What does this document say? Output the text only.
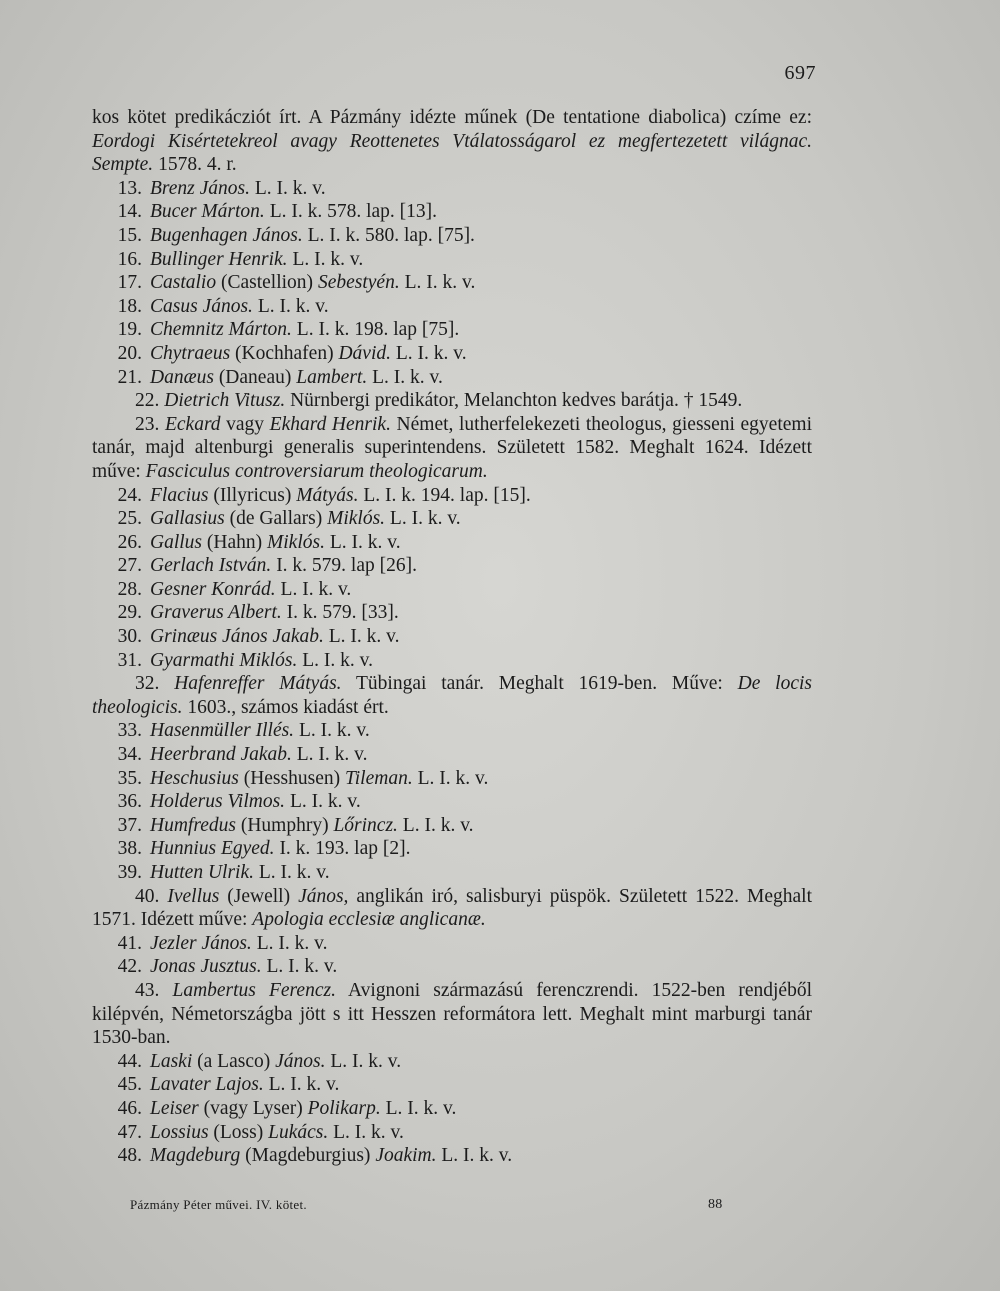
697

kos kötet predikácziót írt. A Pázmány idézte műnek (De tentatione diabolica) czíme ez: Eordogi Kisértetekreol avagy Reottenetes Vtálatosságarol ez megfertezetett világnac. Sempte. 1578. 4. r.

13. Brenz János. L. I. k. v.

14. Bucer Márton. L. I. k. 578. lap. [13].

15. Bugenhagen János. L. I. k. 580. lap. [75].

16. Bullinger Henrik. L. I. k. v.

17. Castalio (Castellion) Sebestyén. L. I. k. v.

18. Casus János. L. I. k. v.

19. Chemnitz Márton. L. I. k. 198. lap [75].

20. Chytraeus (Kochhafen) Dávid. L. I. k. v.

21. Danæus (Daneau) Lambert. L. I. k. v.

22. Dietrich Vitusz. Nürnbergi predikátor, Melanchton kedves barátja. † 1549.

23. Eckard vagy Ekhard Henrik. Német, lutherfelekezeti theologus, giesseni egyetemi tanár, majd altenburgi generalis superintendens. Született 1582. Meghalt 1624. Idézett műve: Fasciculus controversiarum theologicarum.

24. Flacius (Illyricus) Mátyás. L. I. k. 194. lap. [15].

25. Gallasius (de Gallars) Miklós. L. I. k. v.

26. Gallus (Hahn) Miklós. L. I. k. v.

27. Gerlach István. I. k. 579. lap [26].

28. Gesner Konrád. L. I. k. v.

29. Graverus Albert. I. k. 579. [33].

30. Grinæus János Jakab. L. I. k. v.

31. Gyarmathi Miklós. L. I. k. v.

32. Hafenreffer Mátyás. Tübingai tanár. Meghalt 1619-ben. Műve: De locis theologicis. 1603., számos kiadást ért.

33. Hasenmüller Illés. L. I. k. v.

34. Heerbrand Jakab. L. I. k. v.

35. Heschusius (Hesshusen) Tileman. L. I. k. v.

36. Holderus Vilmos. L. I. k. v.

37. Humfredus (Humphry) Lőrincz. L. I. k. v.

38. Hunnius Egyed. I. k. 193. lap [2].

39. Hutten Ulrik. L. I. k. v.

40. Ivellus (Jewell) János, anglikán iró, salisburyi püspök. Született 1522. Meghalt 1571. Idézett műve: Apologia ecclesiæ anglicanæ.

41. Jezler János. L. I. k. v.

42. Jonas Jusztus. L. I. k. v.

43. Lambertus Ferencz. Avignoni származású ferenczrendi. 1522-ben rendjéből kilépvén, Németországba jött s itt Hesszen reformátora lett. Meghalt mint marburgi tanár 1530-ban.

44. Laski (a Lasco) János. L. I. k. v.

45. Lavater Lajos. L. I. k. v.

46. Leiser (vagy Lyser) Polikarp. L. I. k. v.

47. Lossius (Loss) Lukács. L. I. k. v.

48. Magdeburg (Magdeburgius) Joakim. L. I. k. v.

Pázmány Péter művei. IV. kötet.	88
